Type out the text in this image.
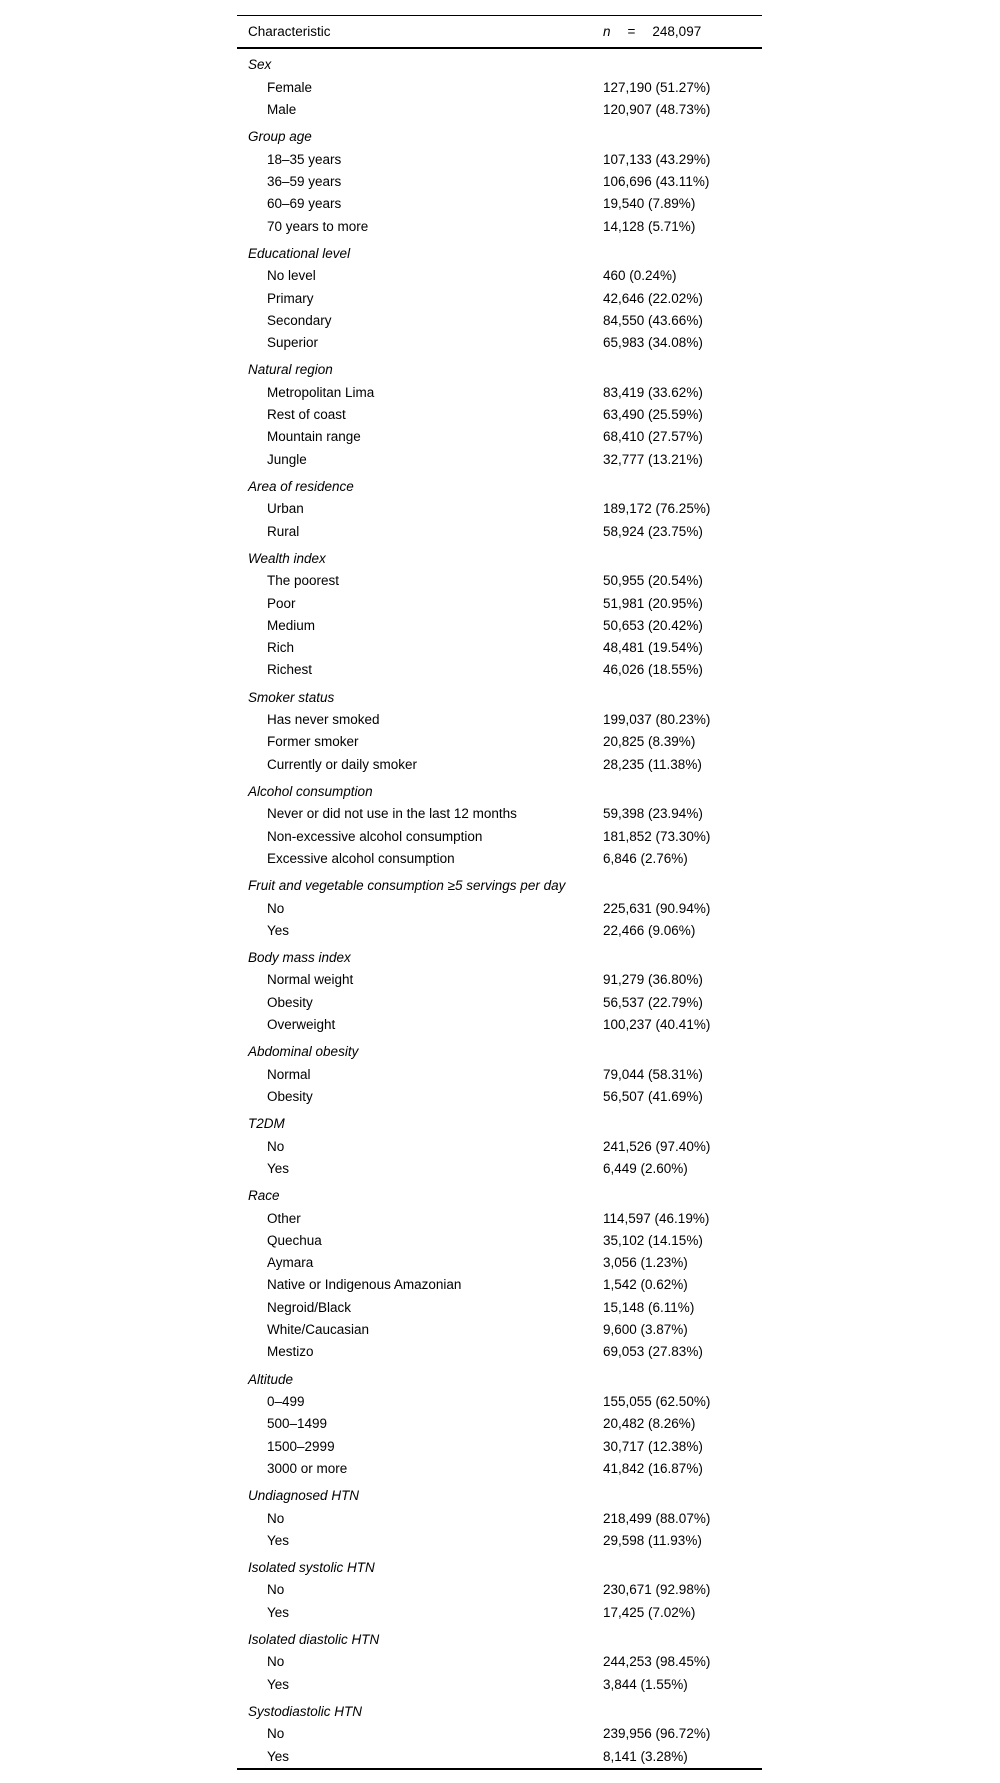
Characteristic	n = 248,097
Sex
Female	127,190 (51.27%)
Male	120,907 (48.73%)
Group age
18–35 years	107,133 (43.29%)
36–59 years	106,696 (43.11%)
60–69 years	19,540 (7.89%)
70 years to more	14,128 (5.71%)
Educational level
No level	460 (0.24%)
Primary	42,646 (22.02%)
Secondary	84,550 (43.66%)
Superior	65,983 (34.08%)
Natural region
Metropolitan Lima	83,419 (33.62%)
Rest of coast	63,490 (25.59%)
Mountain range	68,410 (27.57%)
Jungle	32,777 (13.21%)
Area of residence
Urban	189,172 (76.25%)
Rural	58,924 (23.75%)
Wealth index
The poorest	50,955 (20.54%)
Poor	51,981 (20.95%)
Medium	50,653 (20.42%)
Rich	48,481 (19.54%)
Richest	46,026 (18.55%)
Smoker status
Has never smoked	199,037 (80.23%)
Former smoker	20,825 (8.39%)
Currently or daily smoker	28,235 (11.38%)
Alcohol consumption
Never or did not use in the last 12 months	59,398 (23.94%)
Non-excessive alcohol consumption	181,852 (73.30%)
Excessive alcohol consumption	6,846 (2.76%)
Fruit and vegetable consumption ≥5 servings per day
No	225,631 (90.94%)
Yes	22,466 (9.06%)
Body mass index
Normal weight	91,279 (36.80%)
Obesity	56,537 (22.79%)
Overweight	100,237 (40.41%)
Abdominal obesity
Normal	79,044 (58.31%)
Obesity	56,507 (41.69%)
T2DM
No	241,526 (97.40%)
Yes	6,449 (2.60%)
Race
Other	114,597 (46.19%)
Quechua	35,102 (14.15%)
Aymara	3,056 (1.23%)
Native or Indigenous Amazonian	1,542 (0.62%)
Negroid/Black	15,148 (6.11%)
White/Caucasian	9,600 (3.87%)
Mestizo	69,053 (27.83%)
Altitude
0–499	155,055 (62.50%)
500–1499	20,482 (8.26%)
1500–2999	30,717 (12.38%)
3000 or more	41,842 (16.87%)
Undiagnosed HTN
No	218,499 (88.07%)
Yes	29,598 (11.93%)
Isolated systolic HTN
No	230,671 (92.98%)
Yes	17,425 (7.02%)
Isolated diastolic HTN
No	244,253 (98.45%)
Yes	3,844 (1.55%)
Systodiastolic HTN
No	239,956 (96.72%)
Yes	8,141 (3.28%)
